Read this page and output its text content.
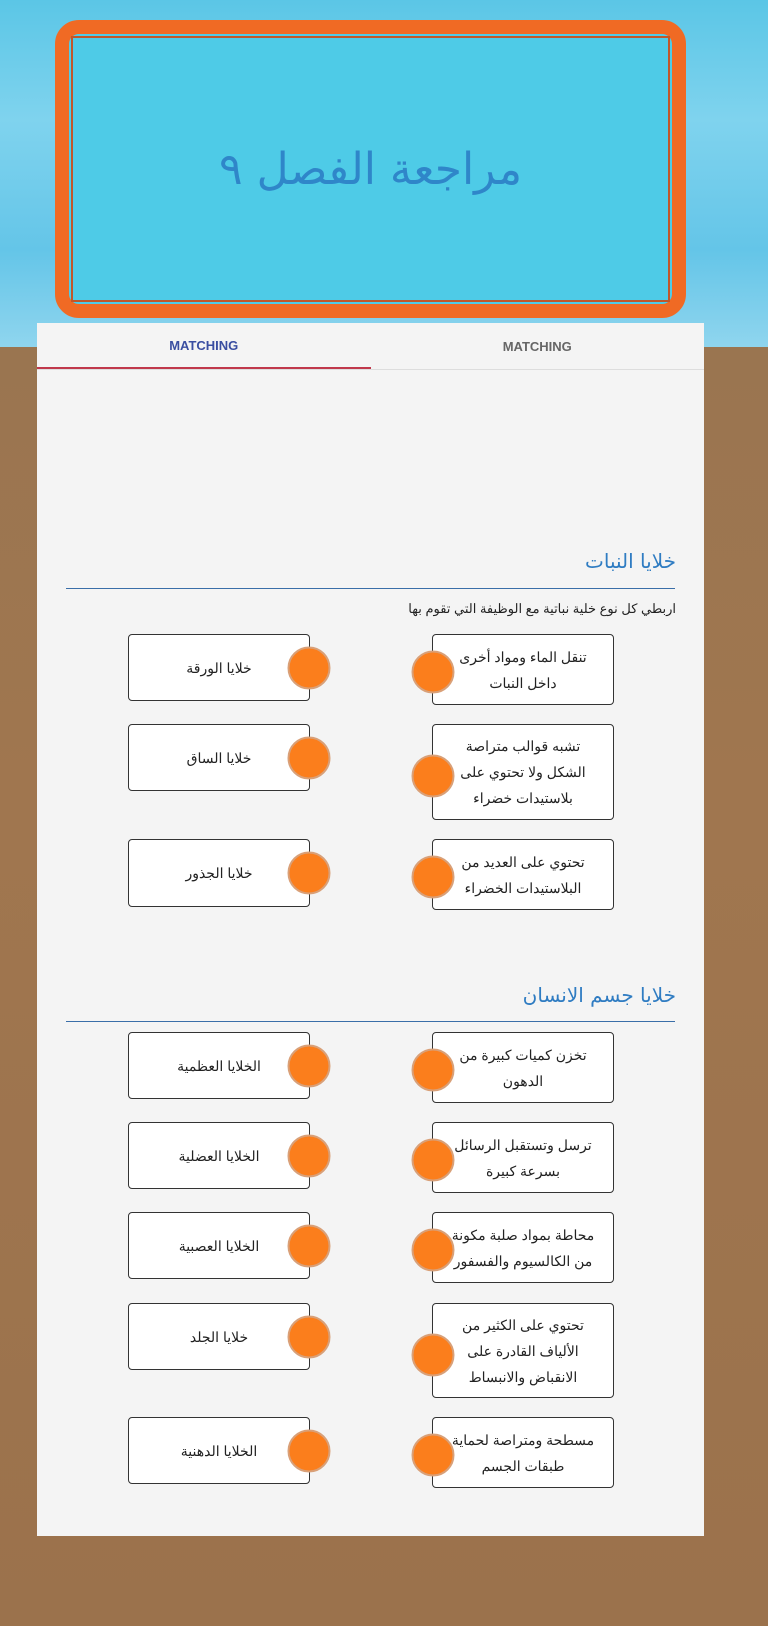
مراجعة الفصل ٩
MATCHING	MATCHING
خلايا النبات
اربطي كل نوع خلية نباتية مع الوظيفة التي تقوم بها
خلايا الورقة
تنقل الماء ومواد أخرى داخل النبات
خلايا الساق
تشبه قوالب متراصة الشكل ولا تحتوي على بلاستيدات خضراء
خلايا الجذور
تحتوي على العديد من البلاستيدات الخضراء
خلايا جسم الانسان
الخلايا العظمية
تخزن كميات كبيرة من الدهون
الخلايا العضلية
ترسل وتستقبل الرسائل بسرعة كبيرة
الخلايا العصبية
محاطة بمواد صلبة مكونة من الكالسيوم والفسفور
خلايا الجلد
تحتوي على الكثير من الألياف القادرة على الانقباض والانبساط
الخلايا الدهنية
مسطحة ومتراصة لحماية طبقات الجسم
